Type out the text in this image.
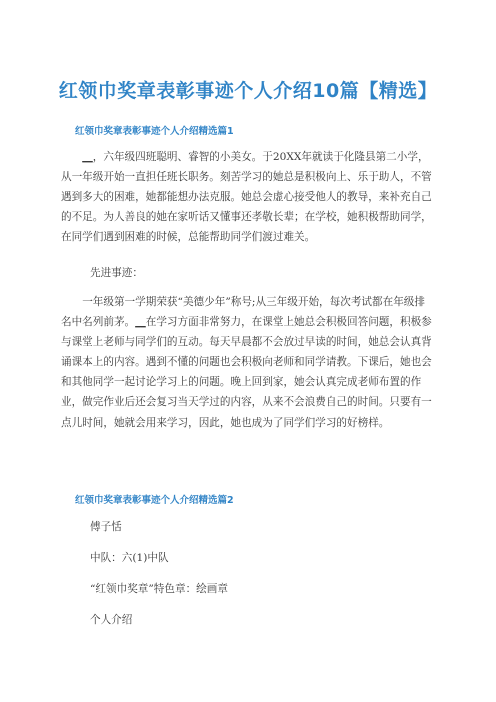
红领巾奖章表彰事迹个人介绍10篇【精选】
红领巾奖章表彰事迹个人介绍精选篇1

__，六年级四班聪明、睿智的小美女。于20XX年就读于化隆县第二小学，从一年级开始一直担任班长职务。刻苦学习的她总是积极向上、乐于助人，不管遇到多大的困难，她都能想办法克服。她总会虚心接受他人的教导，来补充自己的不足。为人善良的她在家听话又懂事还孝敬长辈；在学校，她积极帮助同学，在同学们遇到困难的时候，总能帮助同学们渡过难关。

先进事迹：

一年级第一学期荣获“美德少年”称号;从三年级开始，每次考试都在年级排名中名列前茅。__在学习方面非常努力，在课堂上她总会积极回答问题，积极参与课堂上老师与同学们的互动。每天早晨都不会放过早读的时间，她总会认真背诵课本上的内容。遇到不懂的问题也会积极向老师和同学请教。下课后，她也会和其他同学一起讨论学习上的问题。晚上回到家，她会认真完成老师布置的作业，做完作业后还会复习当天学过的内容，从来不会浪费自己的时间。只要有一点儿时间，她就会用来学习，因此，她也成为了同学们学习的好榜样。

红领巾奖章表彰事迹个人介绍精选篇2
傅子恬
中队：六(1)中队
“红领巾奖章”特色章：绘画章
个人介绍
